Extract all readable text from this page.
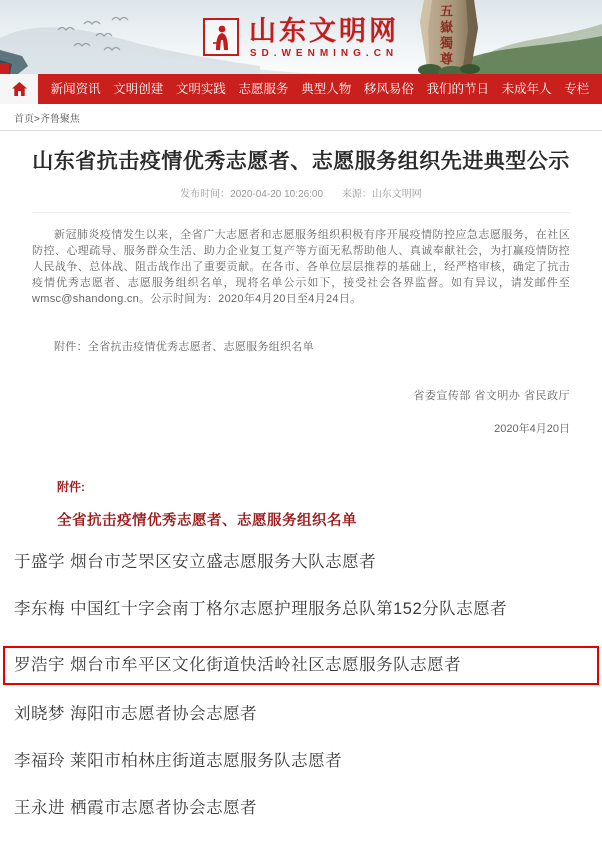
山东文明网
SD.WENMING.CN	五嶽獨尊
新闻资讯 文明创建 文明实践 志愿服务 典型人物 移风易俗 我们的节日 未成年人 专栏
首页>齐鲁聚焦
山东省抗击疫情优秀志愿者、志愿服务组织先进典型公示
发布时间：2020-04-20 10:26:00 来源：山东文明网

新冠肺炎疫情发生以来，全省广大志愿者和志愿服务组织积极有序开展疫情防控应急志愿服务，在社区防控、心理疏导、服务群众生活、助力企业复工复产等方面无私帮助他人、真诚奉献社会，为打赢疫情防控人民战争、总体战、阻击战作出了重要贡献。在各市、各单位层层推荐的基础上，经严格审核，确定了抗击疫情优秀志愿者、志愿服务组织名单，现将名单公示如下，接受社会各界监督。如有异议，请发邮件至wmsc@shandong.cn。公示时间为：2020年4月20日至4月24日。

附件：全省抗击疫情优秀志愿者、志愿服务组织名单

省委宣传部 省文明办 省民政厅
2020年4月20日
附件:
全省抗击疫情优秀志愿者、志愿服务组织名单
于盛学 烟台市芝罘区安立盛志愿服务大队志愿者
李东梅 中国红十字会南丁格尔志愿护理服务总队第152分队志愿者
罗浩宇 烟台市牟平区文化街道快活岭社区志愿服务队志愿者
刘晓梦 海阳市志愿者协会志愿者
李福玲 莱阳市柏林庄街道志愿服务队志愿者
王永进 栖霞市志愿者协会志愿者
